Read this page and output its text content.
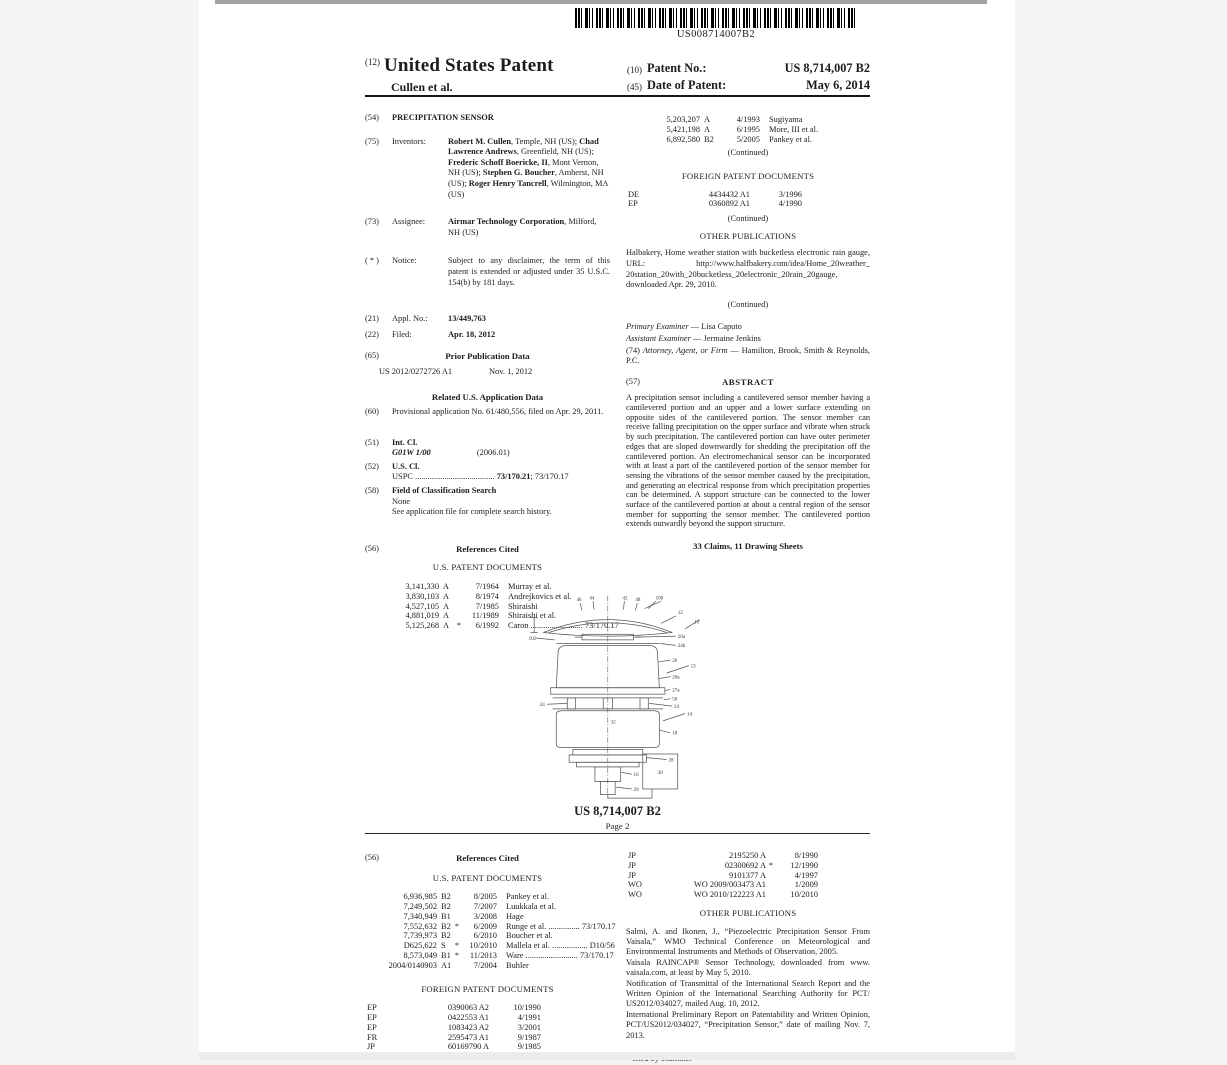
US008714007B2
$^{(12)}$ United States Patent
Cullen et al.
(10) Patent No.:	US 8,714,007 B2
(45) Date of Patent:	May 6, 2014
(54)	PRECIPITATION SENSOR
(75)	Inventors:	Robert M. Cullen, Temple, NH (US); Chad Lawrence Andrews, Greenfield, NH (US); Frederic Schoff Boericke, II, Mont Vernon, NH (US); Stephen G. Boucher, Amherst, NH (US); Roger Henry Tancrell, Wilmington, MA (US)
(73)	Assignee:	Airmar Technology Corporation, Milford, NH (US)
( * )	Notice:	Subject to any disclaimer, the term of this patent is extended or adjusted under 35 U.S.C. 154(b) by 181 days.
(21)	Appl. No.:	13/449,763
(22)	Filed:	Apr. 18, 2012
(65)	Prior Publication Data
US 2012/0272726 A1	Nov. 1, 2012
Related U.S. Application Data
(60)	Provisional application No. 61/480,556, filed on Apr. 29, 2011.
(51)	Int. Cl.
G01W 1/00	(2006.01)
(52)	U.S. Cl.
USPC ...................................... 73/170.21; 73/170.17
(58)	Field of Classification Search
None
See application file for complete search history.
(56)	References Cited
U.S. PATENT DOCUMENTS
3,141,330 A	7/1964 Murray et al.
3,830,103 A	8/1974 Andrejkovics et al.
4,527,105 A	7/1985 Shiraishi
4,881,019 A	11/1989 Shiraishi et al.
5,125,268 A *	6/1992 Caron ......................... 73/170.17
5,203,207 A	4/1993 Sugiyama
5,421,198 A	6/1995 More, III et al.
6,892,580 B2	5/2005 Pankey et al.
(Continued)
FOREIGN PATENT DOCUMENTS
DE	4434432 A1	3/1996
EP	0360892 A1	4/1990
(Continued)
OTHER PUBLICATIONS
Halbakery, Home weather station with bucketless electronic rain gauge, URL: http://www.halfbakery.com/idea/Home_20weather_ 20station_20with_20bucketless_20electronic_20rain_20gauge, downloaded Apr. 29, 2010.
(Continued)
Primary Examiner — Lisa Caputo
Assistant Examiner — Jermaine Jenkins
(74) Attorney, Agent, or Firm — Hamilton, Brook, Smith & Reynolds, P.C.
(57)	ABSTRACT
A precipitation sensor including a cantilevered sensor member having a cantilevered portion and an upper and a lower surface extending on opposite sides of the cantilevered portion. The sensor member can receive falling precipitation on the upper surface and vibrate when struck by such precipitation. The cantilevered portion can have outer perimeter edges that are sloped downwardly for shedding the precipitation off the cantilevered portion. An electromechanical sensor can be incorporated with at least a part of the cantilevered portion of the sensor member for sensing the vibrations of the sensor member caused by the precipitation, and generating an electrical response from which precipitation properties can be determined. A support structure can be connected to the lower surface of the cantilevered portion at about a central region of the sensor member for supporting the sensor member. The cantilevered portion extends outwardly beyond the support structure.
33 Claims, 11 Drawing Sheets
30
46 44	42 48	100
12
10
20a
24b
102
26
13
20a
27a
50
24	24
32
14
18
28
16
29
US 8,714,007 B2
Page 2
(56)	References Cited
U.S. PATENT DOCUMENTS
6,936,985 B2	8/2005 Pankey et al.
7,249,502 B2	7/2007 Luukkala et al.
7,340,949 B1	3/2008 Hage
7,552,632 B2 *	6/2009 Runge et al. ............... 73/170.17
7,739,973 B2	6/2010 Boucher et al.
D625,622 S	*	10/2010 Mallela et al. ................. D10/56
8,573,049 B1 *	11/2013 Ware ......................... 73/170.17
2004/0140903 A1	7/2004 Buhler
FOREIGN PATENT DOCUMENTS
EP	0390063 A2	10/1990
EP	0422553 A1	4/1991
EP	1083423 A2	3/2001
FR	2595473 A1	9/1987
JP	60169790 A	9/1985
JP	2195250 A	8/1990
JP	02300692 A *	12/1990
JP	9101377 A	4/1997
WO	WO 2009/003473 A1	1/2009
WO	WO 2010/122223 A1	10/2010
OTHER PUBLICATIONS

Salmi, A. and Ikonen, J., “Piezoelectric Precipitation Sensor From Vaisala,” WMO Technical Conference on Meteorological and Environmental Instruments and Methods of Observation, 2005.

Vaisala RAINCAP® Sensor Technology, downloaded from www. vaisala.com, at least by May 5, 2010.

Notification of Transmittal of the International Search Report and the Written Opinion of the International Searching Authority for PCT/ US2012/034027, mailed Aug. 10, 2012.

International Preliminary Report on Patentability and Written Opinion, PCT/US2012/034027, “Precipitation Sensor,” date of mailing Nov. 7, 2013.
